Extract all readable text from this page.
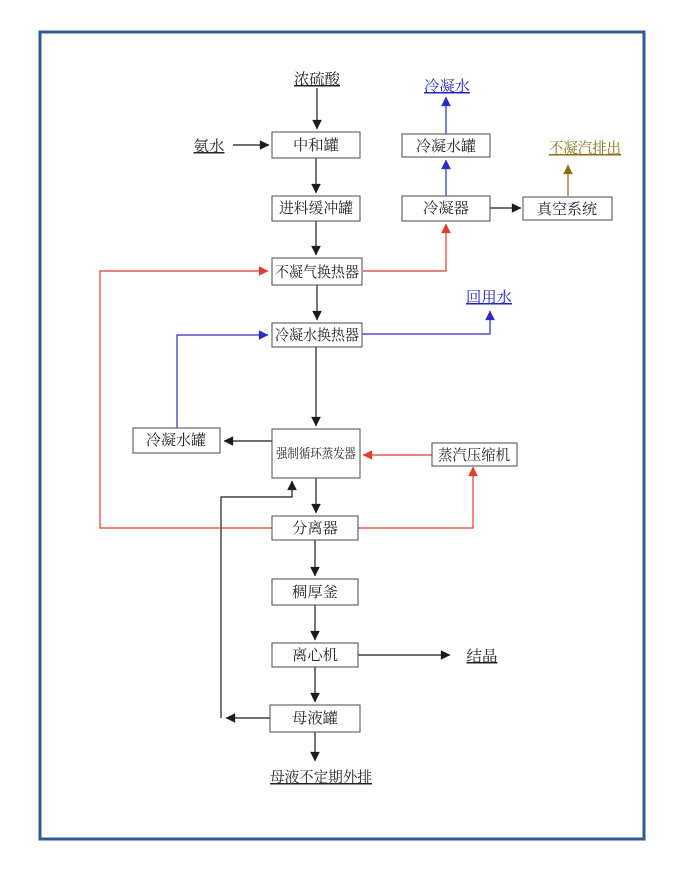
中和罐
进料缓冲罐
不凝气换热器
冷凝水换热器
强制循环蒸发器
分离器
稠厚釜
离心机
母液罐
冷凝水罐
冷凝水罐
冷凝器	真空系统
蒸汽压缩机
浓硫酸
氨水
冷凝水
不凝汽排出
回用水
结晶
母液不定期外排
